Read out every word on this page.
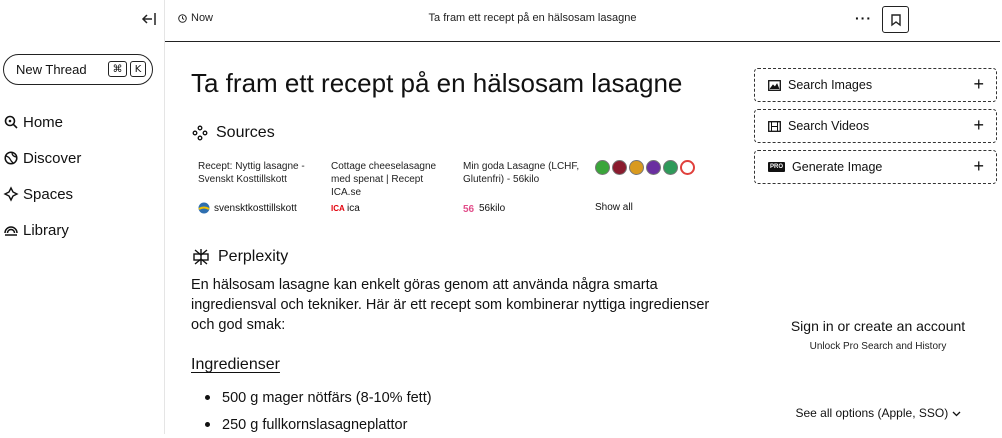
New Thread	⌘	K
Home
Discover
Spaces
Library
Now	Ta fram ett recept på en hälsosam lasagne	···
Ta fram ett recept på en hälsosam lasagne
Sources
Recept: Nyttig lasagne - Svenskt Kosttillskott
svensktkosttillskott
Cottage cheeselasagne med spenat | Recept ICA.se
ICA ica
Min goda Lasagne (LCHF, Glutenfri) - 56kilo
56 56kilo	Show all
Perplexity

En hälsosam lasagne kan enkelt göras genom att använda några smarta ingrediensval och tekniker. Här är ett recept som kombinerar nyttiga ingredienser och god smak:

Ingredienser
500 g mager nötfärs (8-10% fett)
250 g fullkornslasagneplattor
Search Images	+
Search Videos	+
PRO Generate Image	+
Sign in or create an account
Unlock Pro Search and History
See all options (Apple, SSO)
